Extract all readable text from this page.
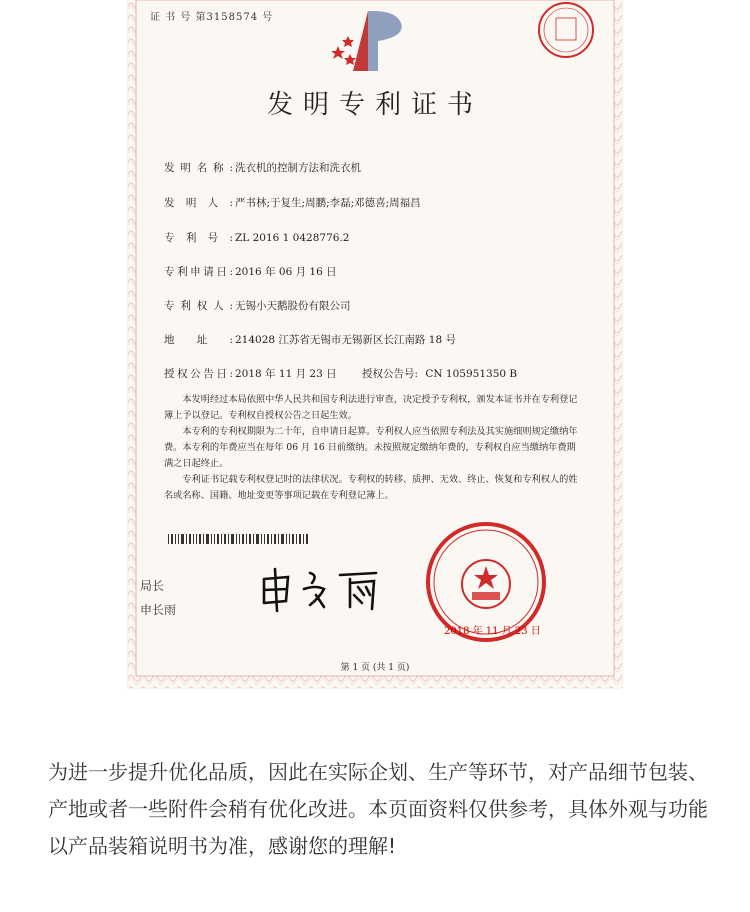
证 书 号 第3158574 号
发明专利证书
发明名称: 洗衣机的控制方法和洗衣机
发明人: 严书林;于复生;周鹏;李磊;邓德喜;周福昌
专利号: ZL 2016 1 0428776.2
专利申请日: 2016 年 06 月 16 日
专利权人: 无锡小天鹅股份有限公司
地址: 214028 江苏省无锡市无锡新区长江南路 18 号
授权公告日: 2018 年 11 月 23 日 授权公告号: CN 105951350 B

本发明经过本局依照中华人民共和国专利法进行审查，决定授予专利权，颁发本证书并在专利登记簿上予以登记。专利权自授权公告之日起生效。

本专利的专利权期限为二十年，自申请日起算。专利权人应当依照专利法及其实施细则规定缴纳年费。本专利的年费应当在每年 06 月 16 日前缴纳。未按照规定缴纳年费的，专利权自应当缴纳年费期满之日起终止。

专利证书记载专利权登记时的法律状况。专利权的转移、质押、无效、终止、恢复和专利权人的姓名或名称、国籍、地址变更等事项记载在专利登记簿上。

局长
申长雨
2018 年 11 月 23 日
第 1 页 (共 1 页)
为进一步提升优化品质，因此在实际企划、生产等环节，对产品细节包装、产地或者一些附件会稍有优化改进。本页面资料仅供参考，具体外观与功能以产品装箱说明书为准，感谢您的理解!
